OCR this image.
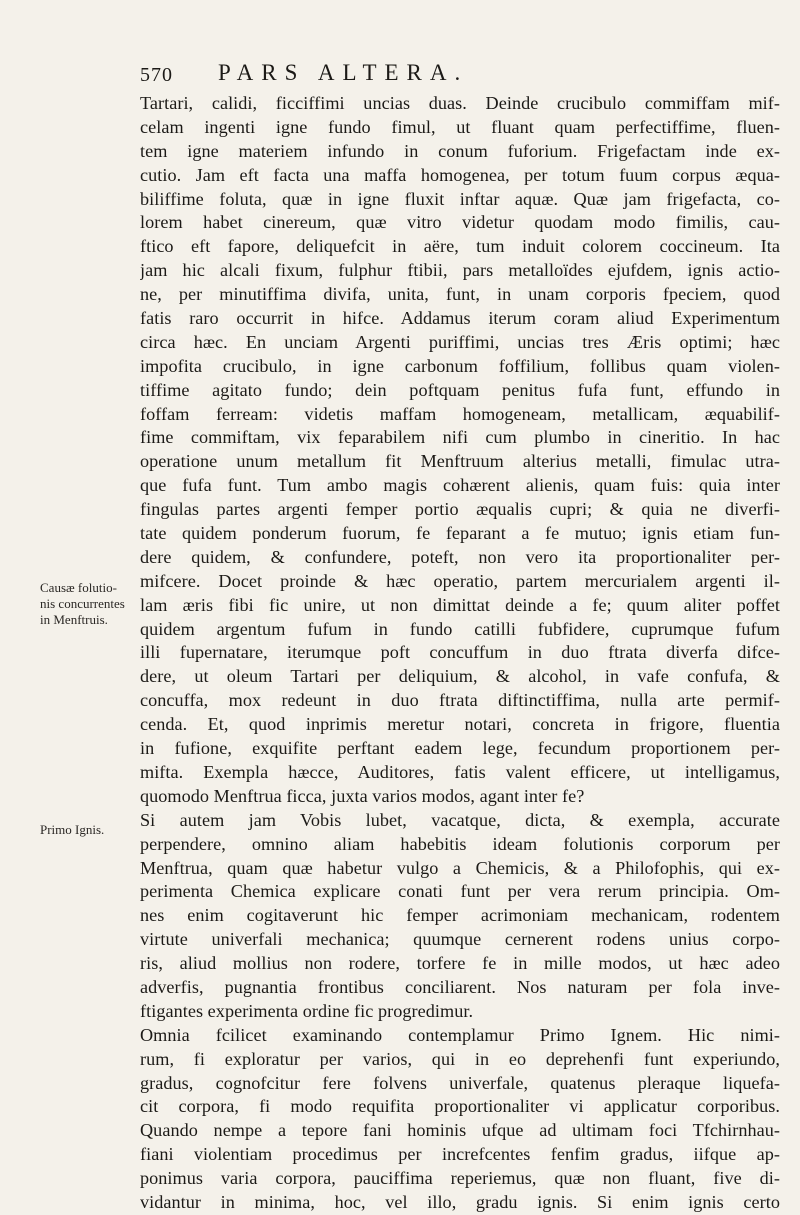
570 PARS ALTERA.
Causæ folutio-
nis concurrentes
in Menftruis.
Primo Ignis.
Tartari, calidi, ficciffimi uncias duas. Deinde crucibulo commiffam mif-
celam ingenti igne fundo fimul, ut fluant quam perfectiffime, fluen-
tem igne materiem infundo in conum fuforium. Frigefactam inde ex-
cutio. Jam eft facta una maffa homogenea, per totum fuum corpus æqua-
biliffime foluta, quæ in igne fluxit inftar aquæ. Quæ jam frigefacta, co-
lorem habet cinereum, quæ vitro videtur quodam modo fimilis, cau-
ftico eft fapore, deliquefcit in aëre, tum induit colorem coccineum. Ita
jam hic alcali fixum, fulphur ftibii, pars metalloïdes ejufdem, ignis actio-
ne, per minutiffima divifa, unita, funt, in unam corporis fpeciem, quod
fatis raro occurrit in hifce. Addamus iterum coram aliud Experimentum
circa hæc. En unciam Argenti puriffimi, uncias tres Æris optimi; hæc
impofita crucibulo, in igne carbonum foffilium, follibus quam violen-
tiffime agitato fundo; dein poftquam penitus fufa funt, effundo in
foffam ferream: videtis maffam homogeneam, metallicam, æquabilif-
fime commiftam, vix feparabilem nifi cum plumbo in cineritio. In hac
operatione unum metallum fit Menftruum alterius metalli, fimulac utra-
que fufa funt. Tum ambo magis cohærent alienis, quam fuis: quia inter
fingulas partes argenti femper portio æqualis cupri; & quia ne diverfi-
tate quidem ponderum fuorum, fe feparant a fe mutuo; ignis etiam fun-
dere quidem, & confundere, poteft, non vero ita proportionaliter per-
mifcere. Docet proinde & hæc operatio, partem mercurialem argenti il-
lam æris fibi fic unire, ut non dimittat deinde a fe; quum aliter poffet
quidem argentum fufum in fundo catilli fubfidere, cuprumque fufum
illi fupernatare, iterumque poft concuffum in duo ftrata diverfa difce-
dere, ut oleum Tartari per deliquium, & alcohol, in vafe confufa, &
concuffa, mox redeunt in duo ftrata diftinctiffima, nulla arte permif-
cenda. Et, quod inprimis meretur notari, concreta in frigore, fluentia
in fufione, exquifite perftant eadem lege, fecundum proportionem per-
mifta. Exempla hæcce, Auditores, fatis valent efficere, ut intelligamus,
quomodo Menftrua ficca, juxta varios modos, agant inter fe?
Si autem jam Vobis lubet, vacatque, dicta, & exempla, accurate
perpendere, omnino aliam habebitis ideam folutionis corporum per
Menftrua, quam quæ habetur vulgo a Chemicis, & a Philofophis, qui ex-
perimenta Chemica explicare conati funt per vera rerum principia. Om-
nes enim cogitaverunt hic femper acrimoniam mechanicam, rodentem
virtute univerfali mechanica; quumque cernerent rodens unius corpo-
ris, aliud mollius non rodere, torfere fe in mille modos, ut hæc adeo
adverfis, pugnantia frontibus conciliarent. Nos naturam per fola inve-
ftigantes experimenta ordine fic progredimur.
Omnia fcilicet examinando contemplamur Primo Ignem. Hic nimi-
rum, fi exploratur per varios, qui in eo deprehenfi funt experiundo,
gradus, cognofcitur fere folvens univerfale, quatenus pleraque liquefa-
cit corpora, fi modo requifita proportionaliter vi applicatur corporibus.
Quando nempe a tepore fani hominis ufque ad ultimam foci Tfchirnhau-
fiani violentiam procedimus per increfcentes fenfim gradus, iifque ap-
ponimus varia corpora, pauciffima reperiemus, quæ non fluant, five di-
vidantur in minima, hoc, vel illo, gradu ignis. Si enim ignis certo
